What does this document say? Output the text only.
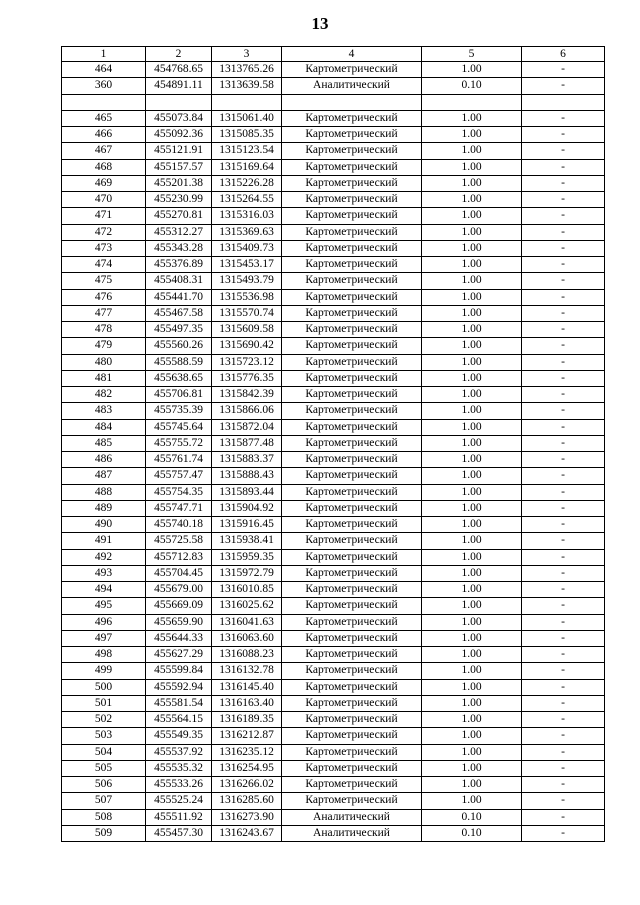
13
1	2	3	4	5	6
464	454768.65	1313765.26	Картометрический	1.00	-
360	454891.11	1313639.58	Аналитический	0.10	-

465	455073.84	1315061.40	Картометрический	1.00	-
466	455092.36	1315085.35	Картометрический	1.00	-
467	455121.91	1315123.54	Картометрический	1.00	-
468	455157.57	1315169.64	Картометрический	1.00	-
469	455201.38	1315226.28	Картометрический	1.00	-
470	455230.99	1315264.55	Картометрический	1.00	-
471	455270.81	1315316.03	Картометрический	1.00	-
472	455312.27	1315369.63	Картометрический	1.00	-
473	455343.28	1315409.73	Картометрический	1.00	-
474	455376.89	1315453.17	Картометрический	1.00	-
475	455408.31	1315493.79	Картометрический	1.00	-
476	455441.70	1315536.98	Картометрический	1.00	-
477	455467.58	1315570.74	Картометрический	1.00	-
478	455497.35	1315609.58	Картометрический	1.00	-
479	455560.26	1315690.42	Картометрический	1.00	-
480	455588.59	1315723.12	Картометрический	1.00	-
481	455638.65	1315776.35	Картометрический	1.00	-
482	455706.81	1315842.39	Картометрический	1.00	-
483	455735.39	1315866.06	Картометрический	1.00	-
484	455745.64	1315872.04	Картометрический	1.00	-
485	455755.72	1315877.48	Картометрический	1.00	-
486	455761.74	1315883.37	Картометрический	1.00	-
487	455757.47	1315888.43	Картометрический	1.00	-
488	455754.35	1315893.44	Картометрический	1.00	-
489	455747.71	1315904.92	Картометрический	1.00	-
490	455740.18	1315916.45	Картометрический	1.00	-
491	455725.58	1315938.41	Картометрический	1.00	-
492	455712.83	1315959.35	Картометрический	1.00	-
493	455704.45	1315972.79	Картометрический	1.00	-
494	455679.00	1316010.85	Картометрический	1.00	-
495	455669.09	1316025.62	Картометрический	1.00	-
496	455659.90	1316041.63	Картометрический	1.00	-
497	455644.33	1316063.60	Картометрический	1.00	-
498	455627.29	1316088.23	Картометрический	1.00	-
499	455599.84	1316132.78	Картометрический	1.00	-
500	455592.94	1316145.40	Картометрический	1.00	-
501	455581.54	1316163.40	Картометрический	1.00	-
502	455564.15	1316189.35	Картометрический	1.00	-
503	455549.35	1316212.87	Картометрический	1.00	-
504	455537.92	1316235.12	Картометрический	1.00	-
505	455535.32	1316254.95	Картометрический	1.00	-
506	455533.26	1316266.02	Картометрический	1.00	-
507	455525.24	1316285.60	Картометрический	1.00	-
508	455511.92	1316273.90	Аналитический	0.10	-
509	455457.30	1316243.67	Аналитический	0.10	-
